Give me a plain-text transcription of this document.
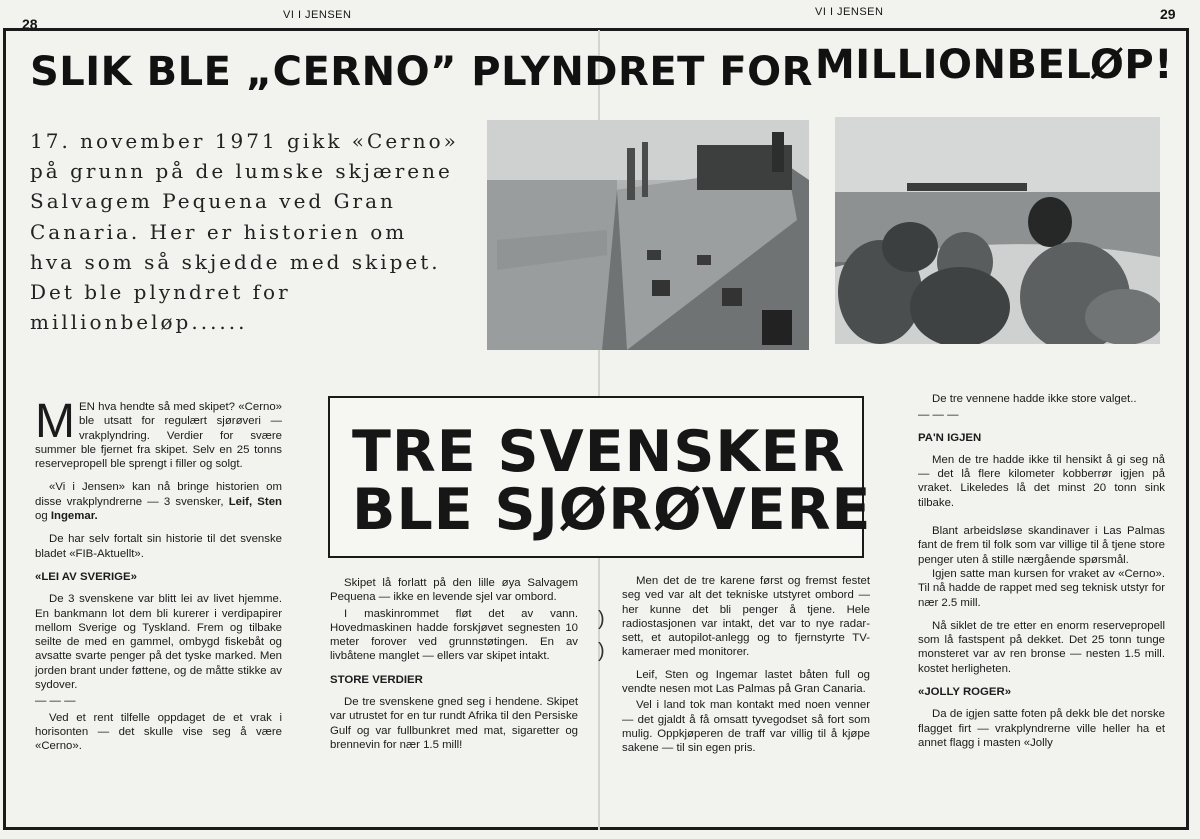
28
VI I JENSEN	VI I JENSEN	29
SLIK BLE „CERNO” PLYNDRET FOR MILLIONBELØP!
17. november 1971 gikk «Cerno» på grunn på de lumske skjærene Salvagem Pequena ved Gran Canaria. Her er historien om hva som så skjedde med skipet. Det ble plyndret for millionbeløp......

MEN hva hendte så med skipet? «Cerno» ble utsatt for regulært sjørøveri — vrakplyndring. Verdier for svære summer ble fjernet fra skipet. Selv en 25 tonns reservepropell ble sprengt i filler og solgt.

«Vi i Jensen» kan nå bringe historien om disse vrakplyndrerne — 3 svensker, Leif, Sten og Ingemar.

De har selv fortalt sin historie til det svenske bladet «FIB-Aktuellt».

«LEI AV SVERIGE»

De 3 svenskene var blitt lei av livet hjemme. En bankmann lot dem bli kurerer i verdipapirer mellom Sverige og Tyskland. Frem og tilbake seilte de med en gammel, ombygd fiskebåt og avsatte svarte penger på det tyske marked. Men jorden brant under føttene, og de måtte stikke av sydover.

— — —

Ved et rent tilfelle oppdaget de et vrak i horisonten — det skulle vise seg å være «Cerno».

TRE SVENSKER
BLE SJØRØVERE

Skipet lå forlatt på den lille øya Salvagem Pequena — ikke en levende sjel var ombord.

I maskinrommet fløt det av vann. Hovedmaskinen hadde forskjøvet segnesten 10 meter forover ved grunnstøtingen. En av livbåtene manglet — ellers var skipet intakt.

STORE VERDIER

De tre svenskene gned seg i hendene. Skipet var utrustet for en tur rundt Afrika til den Persiske Gulf og var fullbunkret med mat, sigaretter og brennevin for nær 1.5 mill!

)
)

Men det de tre karene først og fremst festet seg ved var alt det tekniske utstyret ombord — her kunne det bli penger å tjene. Hele radiostasjonen var intakt, det var to nye radar-sett, et autopilot-anlegg og to fjernstyrte TV-kameraer med monitorer.

Leif, Sten og Ingemar lastet båten full og vendte nesen mot Las Palmas på Gran Canaria.

Vel i land tok man kontakt med noen venner — det gjaldt å få omsatt tyvegodset så fort som mulig. Oppkjøperen de traff var villig til å kjøpe sakene — til sin egen pris.

De tre vennene hadde ikke store valget..

— — —

PA'N IGJEN

Men de tre hadde ikke til hensikt å gi seg nå — det lå flere kilometer kobberrør igjen på vraket. Likeledes lå det minst 20 tonn sink tilbake.

Blant arbeidsløse skandinaver i Las Palmas fant de frem til folk som var villige til å tjene store penger uten å stille nærgående spørsmål.

Igjen satte man kursen for vraket av «Cerno». Til nå hadde de rappet med seg teknisk utstyr for nær 2.5 mill.

Nå siklet de tre etter en enorm reservepropell som lå fastspent på dekket. Det 25 tonn tunge monsteret var av ren bronse — nesten 1.5 mill. kostet herligheten.

«JOLLY ROGER»

Da de igjen satte foten på dekk ble det norske flagget firt — vrakplyndrerne ville heller ha et annet flagg i masten «Jolly
